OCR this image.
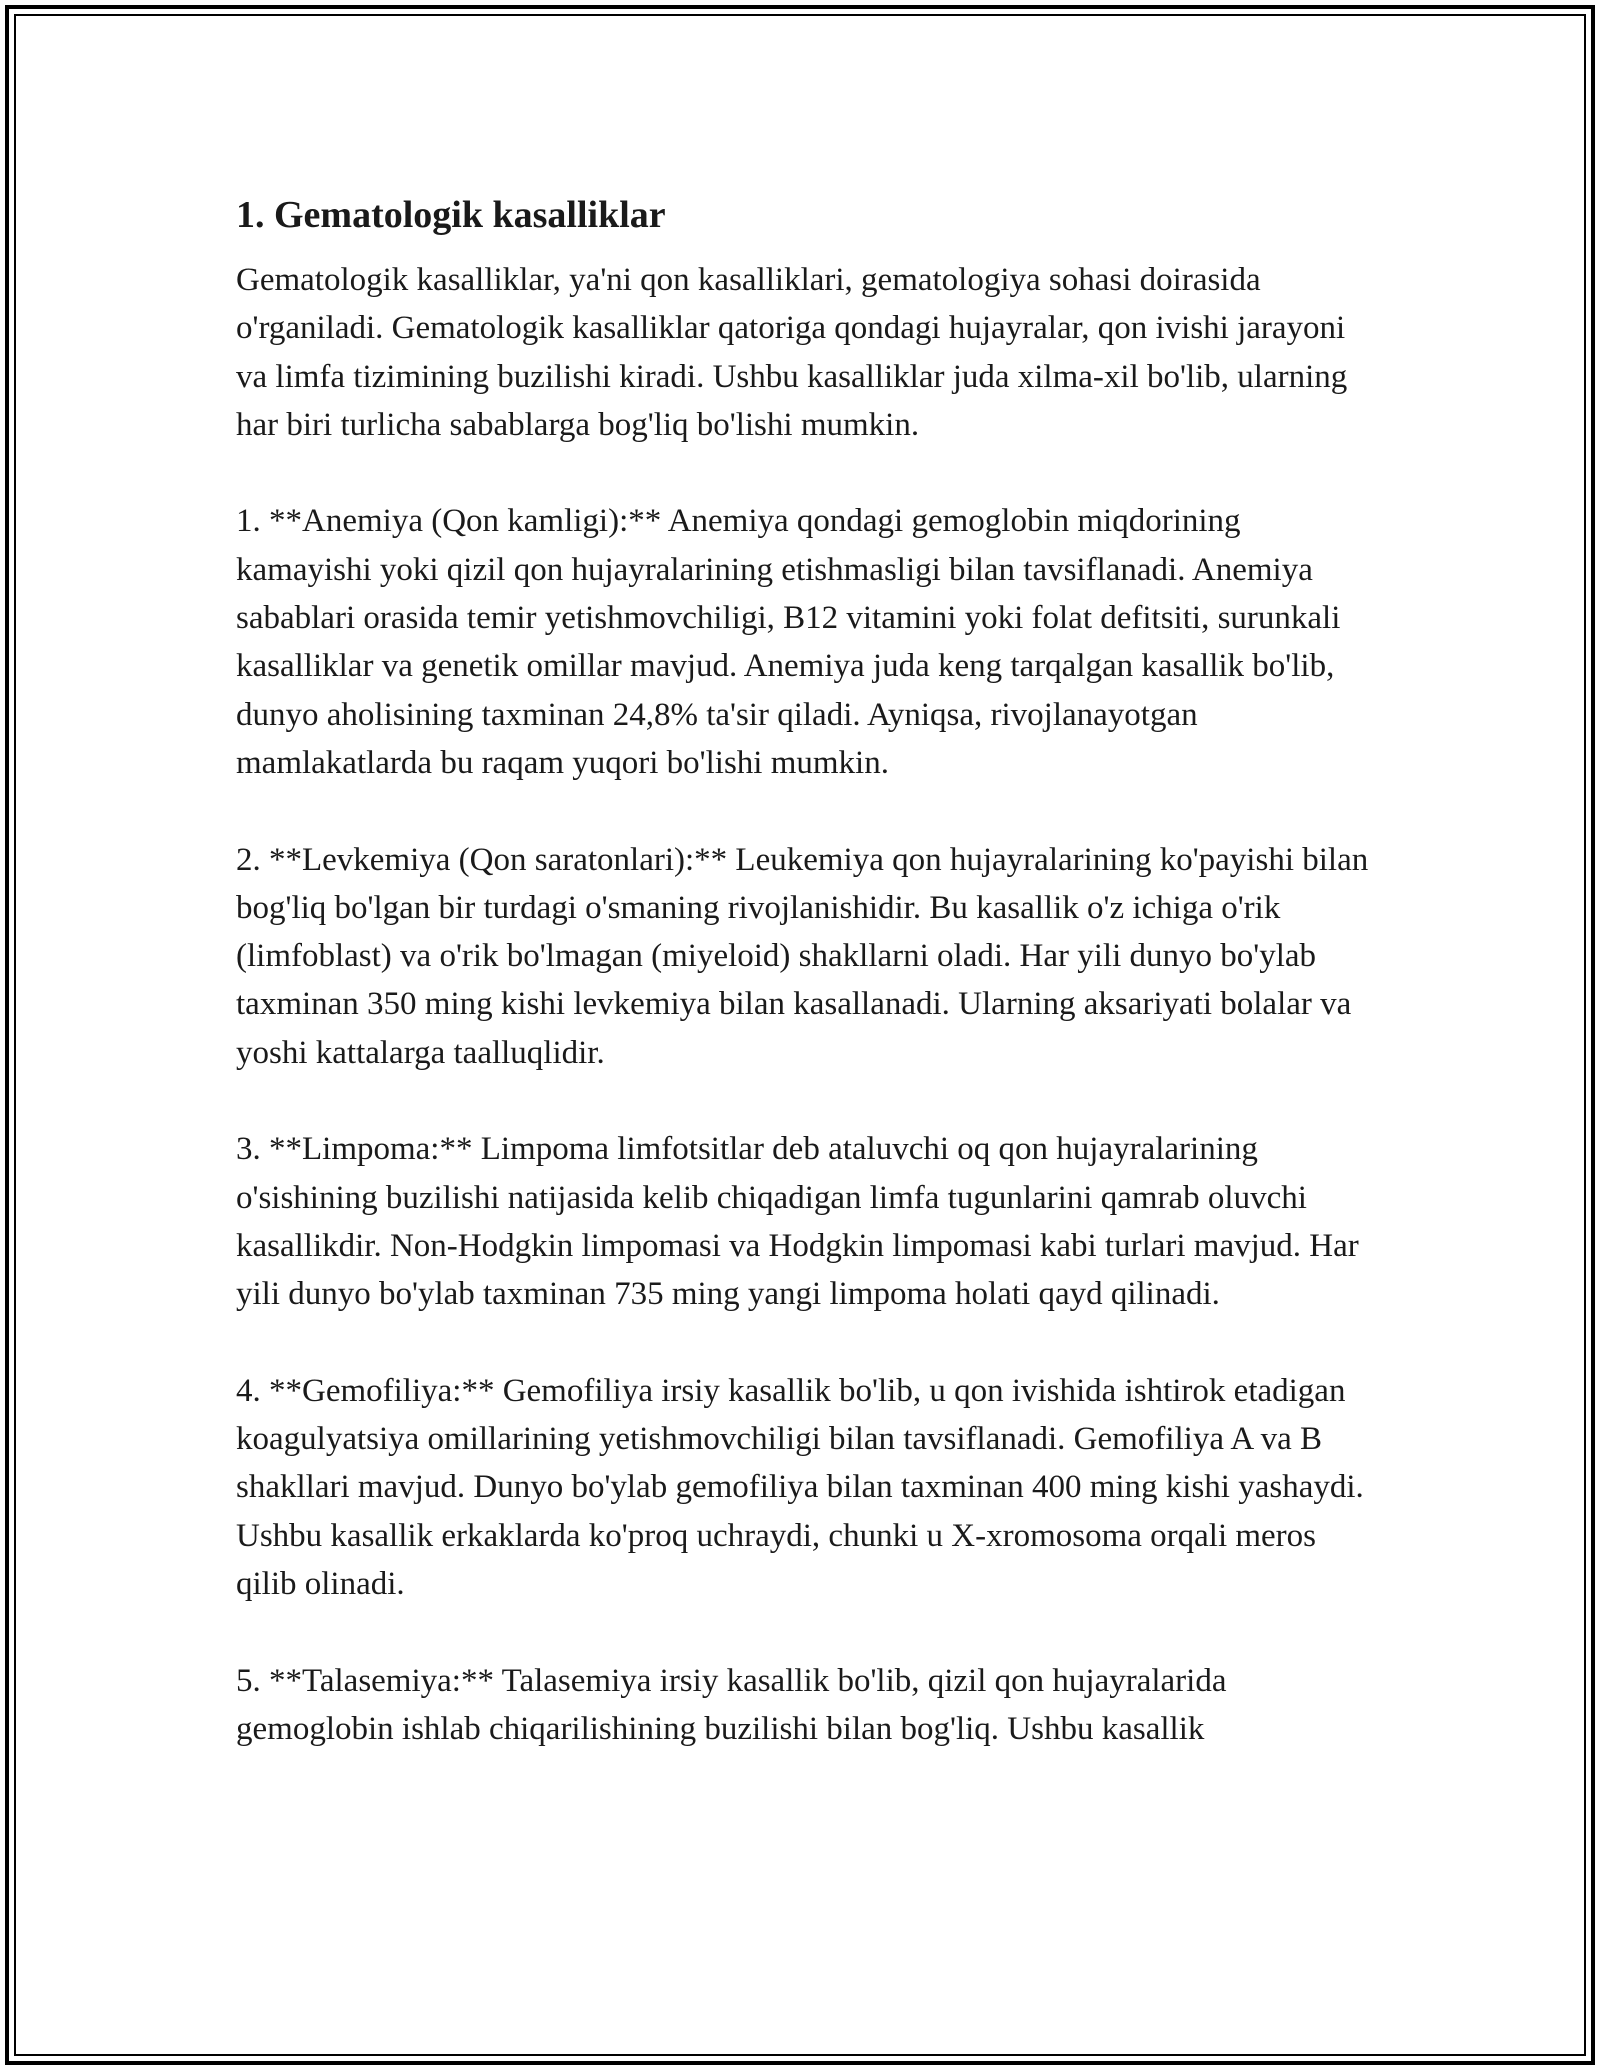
1. Gematologik kasalliklar

Gematologik kasalliklar, ya'ni qon kasalliklari, gematologiya sohasi doirasida o'rganiladi. Gematologik kasalliklar qatoriga qondagi hujayralar, qon ivishi jarayoni va limfa tizimining buzilishi kiradi. Ushbu kasalliklar juda xilma-xil bo'lib, ularning har biri turlicha sabablarga bog'liq bo'lishi mumkin.

1. **Anemiya (Qon kamligi):** Anemiya qondagi gemoglobin miqdorining kamayishi yoki qizil qon hujayralarining etishmasligi bilan tavsiflanadi. Anemiya sabablari orasida temir yetishmovchiligi, B12 vitamini yoki folat defitsiti, surunkali kasalliklar va genetik omillar mavjud. Anemiya juda keng tarqalgan kasallik bo'lib, dunyo aholisining taxminan 24,8% ta'sir qiladi. Ayniqsa, rivojlanayotgan mamlakatlarda bu raqam yuqori bo'lishi mumkin.

2. **Levkemiya (Qon saratonlari):** Leukemiya qon hujayralarining ko'payishi bilan bog'liq bo'lgan bir turdagi o'smaning rivojlanishidir. Bu kasallik o'z ichiga o'rik (limfoblast) va o'rik bo'lmagan (miyeloid) shakllarni oladi. Har yili dunyo bo'ylab taxminan 350 ming kishi levkemiya bilan kasallanadi. Ularning aksariyati bolalar va yoshi kattalarga taalluqlidir.

3. **Limpoma:** Limpoma limfotsitlar deb ataluvchi oq qon hujayralarining o'sishining buzilishi natijasida kelib chiqadigan limfa tugunlarini qamrab oluvchi kasallikdir. Non-Hodgkin limpomasi va Hodgkin limpomasi kabi turlari mavjud. Har yili dunyo bo'ylab taxminan 735 ming yangi limpoma holati qayd qilinadi.

4. **Gemofiliya:** Gemofiliya irsiy kasallik bo'lib, u qon ivishida ishtirok etadigan koagulyatsiya omillarining yetishmovchiligi bilan tavsiflanadi. Gemofiliya A va B shakllari mavjud. Dunyo bo'ylab gemofiliya bilan taxminan 400 ming kishi yashaydi. Ushbu kasallik erkaklarda ko'proq uchraydi, chunki u X-xromosoma orqali meros qilib olinadi.

5. **Talasemiya:** Talasemiya irsiy kasallik bo'lib, qizil qon hujayralarida gemoglobin ishlab chiqarilishining buzilishi bilan bog'liq. Ushbu kasallik
